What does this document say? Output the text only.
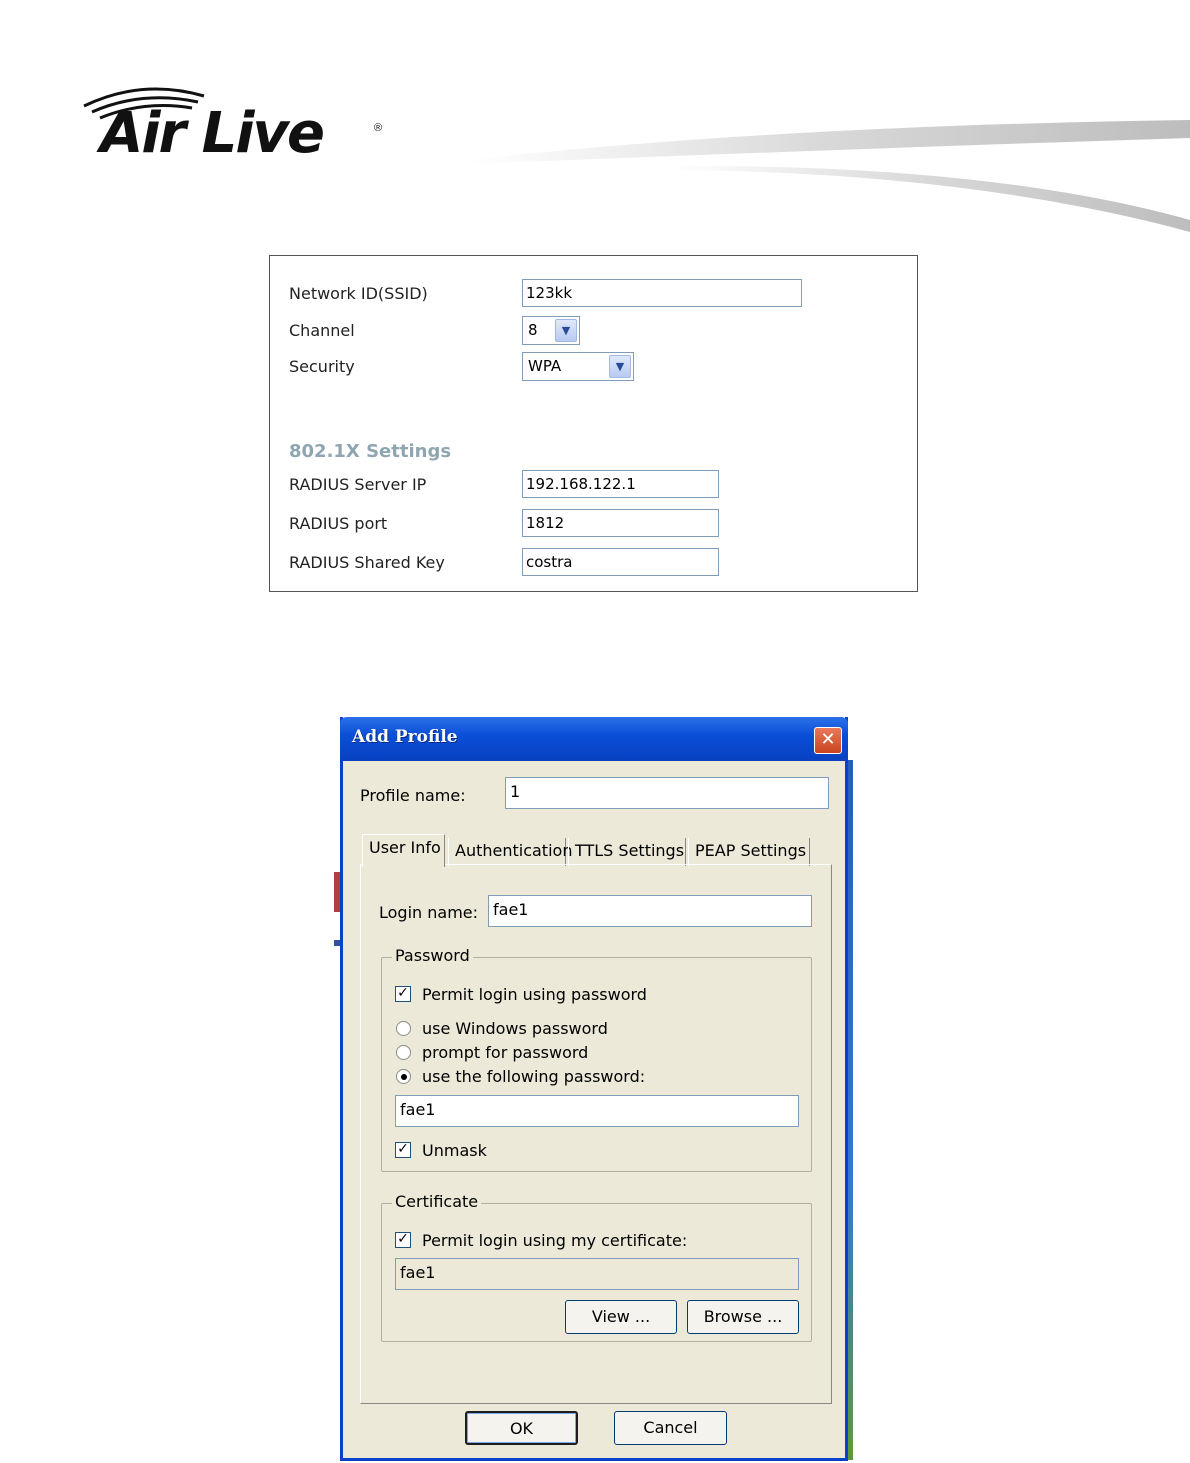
Air Live	®
Network ID(SSID)	123kk
Channel	8	▼
Security	WPA	▼
802.1X Settings
RADIUS Server IP	192.168.122.1
RADIUS port	1812
RADIUS Shared Key	costra
Add Profile	✕
Profile name:	1
User Info Authentication TTLS Settings PEAP Settings
Login name: fae1
Password
✓ Permit login using password
use Windows password
prompt for password
use the following password:
fae1
✓ Unmask
Certificate
✓ Permit login using my certificate:
fae1
View ...	Browse ...
OK	Cancel
